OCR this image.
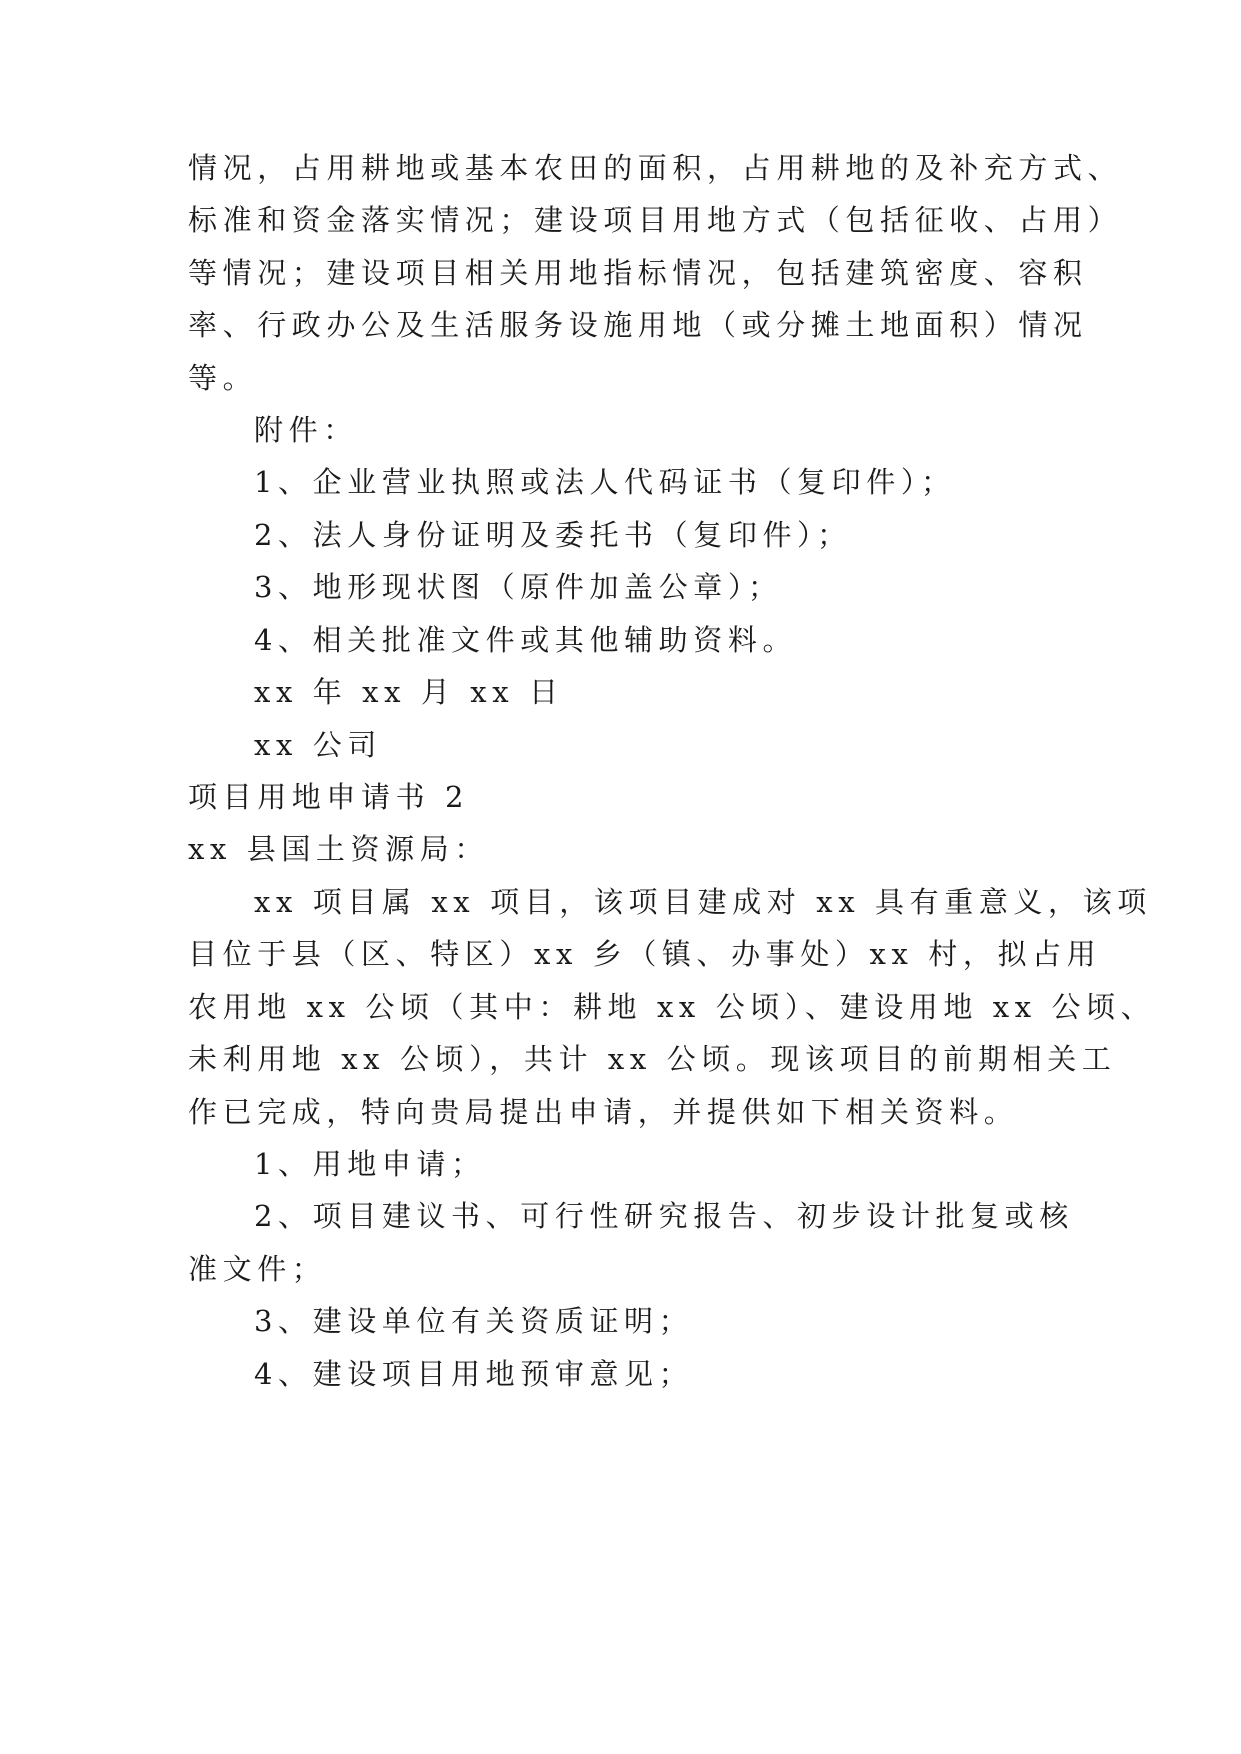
情况，占用耕地或基本农田的面积，占用耕地的及补充方式、
标准和资金落实情况；建设项目用地方式（包括征收、占用）
等情况；建设项目相关用地指标情况，包括建筑密度、容积
率、行政办公及生活服务设施用地（或分摊土地面积）情况
等。
附件：
1、企业营业执照或法人代码证书（复印件）；
2、法人身份证明及委托书（复印件）；
3、地形现状图（原件加盖公章）；
4、相关批准文件或其他辅助资料。
xx 年 xx 月 xx 日
xx 公司
项目用地申请书 2
xx 县国土资源局：
xx 项目属 xx 项目，该项目建成对 xx 具有重意义，该项
目位于县（区、特区）xx 乡（镇、办事处）xx 村，拟占用
农用地 xx 公顷（其中：耕地 xx 公顷）、建设用地 xx 公顷、
未利用地 xx 公顷），共计 xx 公顷。现该项目的前期相关工
作已完成，特向贵局提出申请，并提供如下相关资料。
1、用地申请；
2、项目建议书、可行性研究报告、初步设计批复或核
准文件；
3、建设单位有关资质证明；
4、建设项目用地预审意见；
